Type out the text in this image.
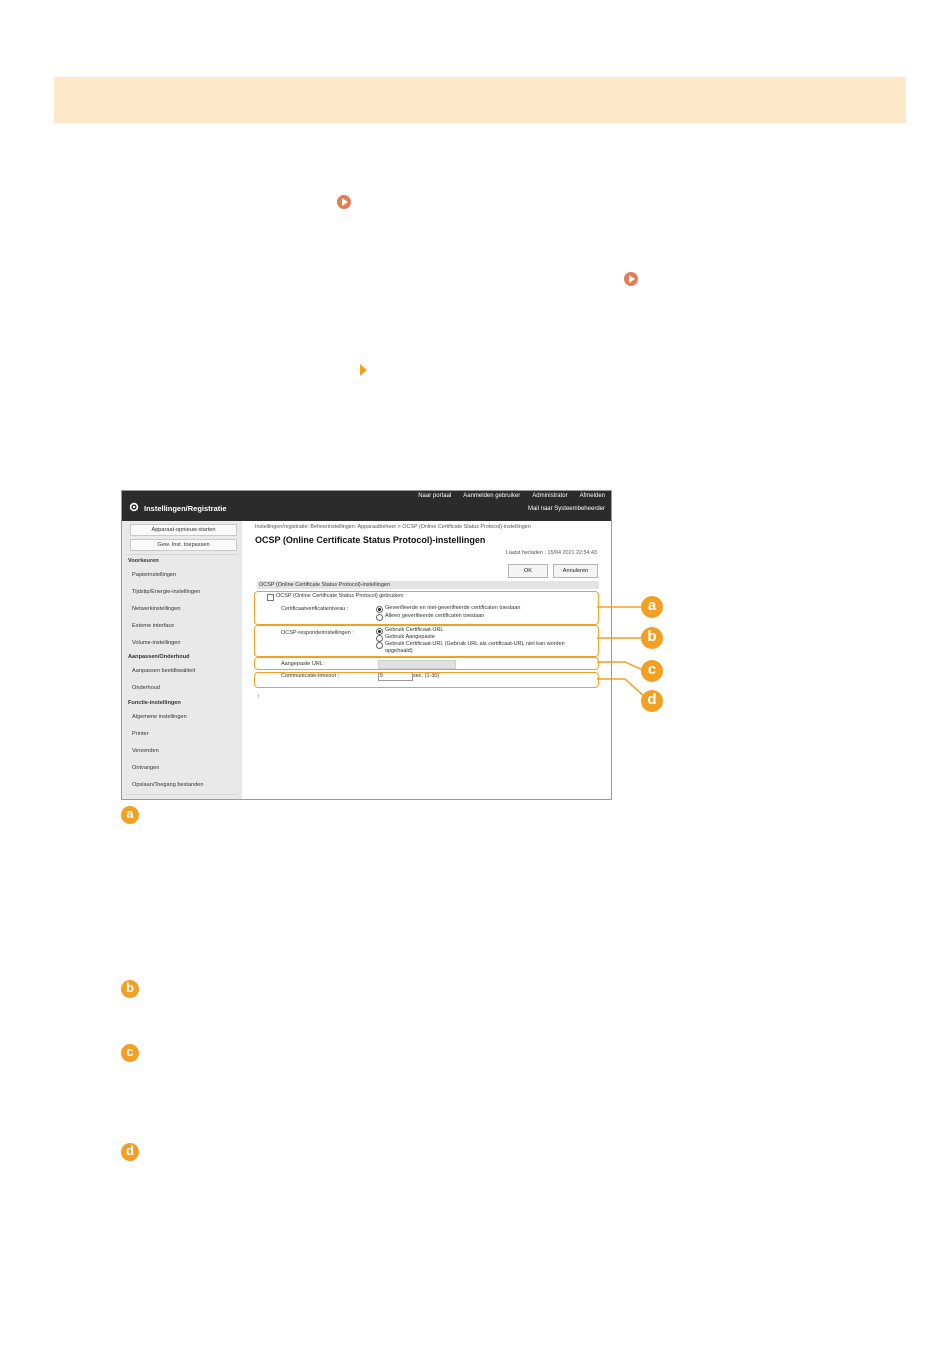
Instellingen/Registratie
Naar portaal Aanmelden gebruiker Administrator Afmelden
Mail naar Systeembeheerder
Apparaat-opnieuw starten
Gew. Inst. toepassen
Voorkeuren
Papierinstellingen
Tijdstip/Energie-instellingen
Netwerkinstellingen
Externe interface
Volume-instellingen
Aanpassen/Onderhoud
Aanpassen beeldkwaliteit
Onderhoud
Functie-instellingen
Algemene instellingen
Printer
Verzenden
Ontvangen
Opslaan/Toegang bestanden
Instellingen/registratie: Beheerinstellingen: Apparaatbeheer > OCSP (Online Certificate Status Protocol)-instellingen
OCSP (Online Certificate Status Protocol)-instellingen
Laatst herladen : 15/04 2021 22:54:43
OK	Annuleren
OCSP (Online Certificate Status Protocol)-instellingen
OCSP (Online Certificate Status Protocol) gebruiken
Certificaatverificatieniveau :	Geverifieerde en niet-geverifieerde certificaten toestaan
Alleen geverifieerde certificaten toestaan
OCSP-responderinstellingen :	Gebruik Certificaat-URL
Gebruik Aangepaste
Gebruik Certificaat-URL (Gebruik URL als certificaat-URL niet kan worden opgehaald)
Aangepaste URL :
Communicatie-timeout :	5	sec. (1-30)
↑
a
b
c
d
a
b
c
d
